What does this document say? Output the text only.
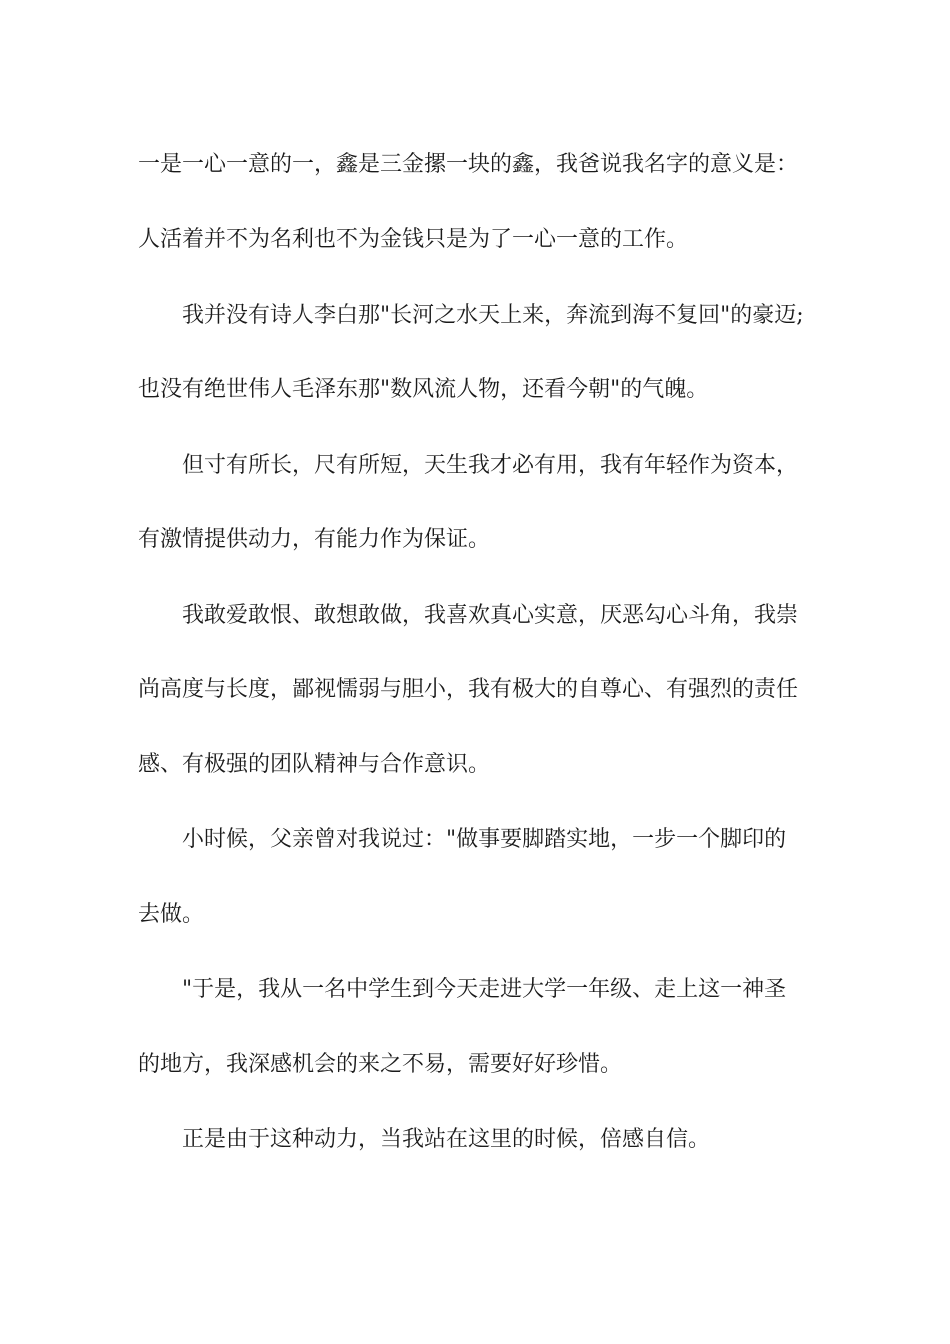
一是一心一意的一，鑫是三金摞一块的鑫，我爸说我名字的意义是：
人活着并不为名利也不为金钱只是为了一心一意的工作。
我并没有诗人李白那"长河之水天上来，奔流到海不复回"的豪迈;
也没有绝世伟人毛泽东那"数风流人物，还看今朝"的气魄。
但寸有所长，尺有所短，天生我才必有用，我有年轻作为资本，
有激情提供动力，有能力作为保证。
我敢爱敢恨、敢想敢做，我喜欢真心实意，厌恶勾心斗角，我崇
尚高度与长度，鄙视懦弱与胆小，我有极大的自尊心、有强烈的责任
感、有极强的团队精神与合作意识。
小时候，父亲曾对我说过："做事要脚踏实地，一步一个脚印的
去做。
"于是，我从一名中学生到今天走进大学一年级、走上这一神圣
的地方，我深感机会的来之不易，需要好好珍惜。
正是由于这种动力，当我站在这里的时候，倍感自信。
